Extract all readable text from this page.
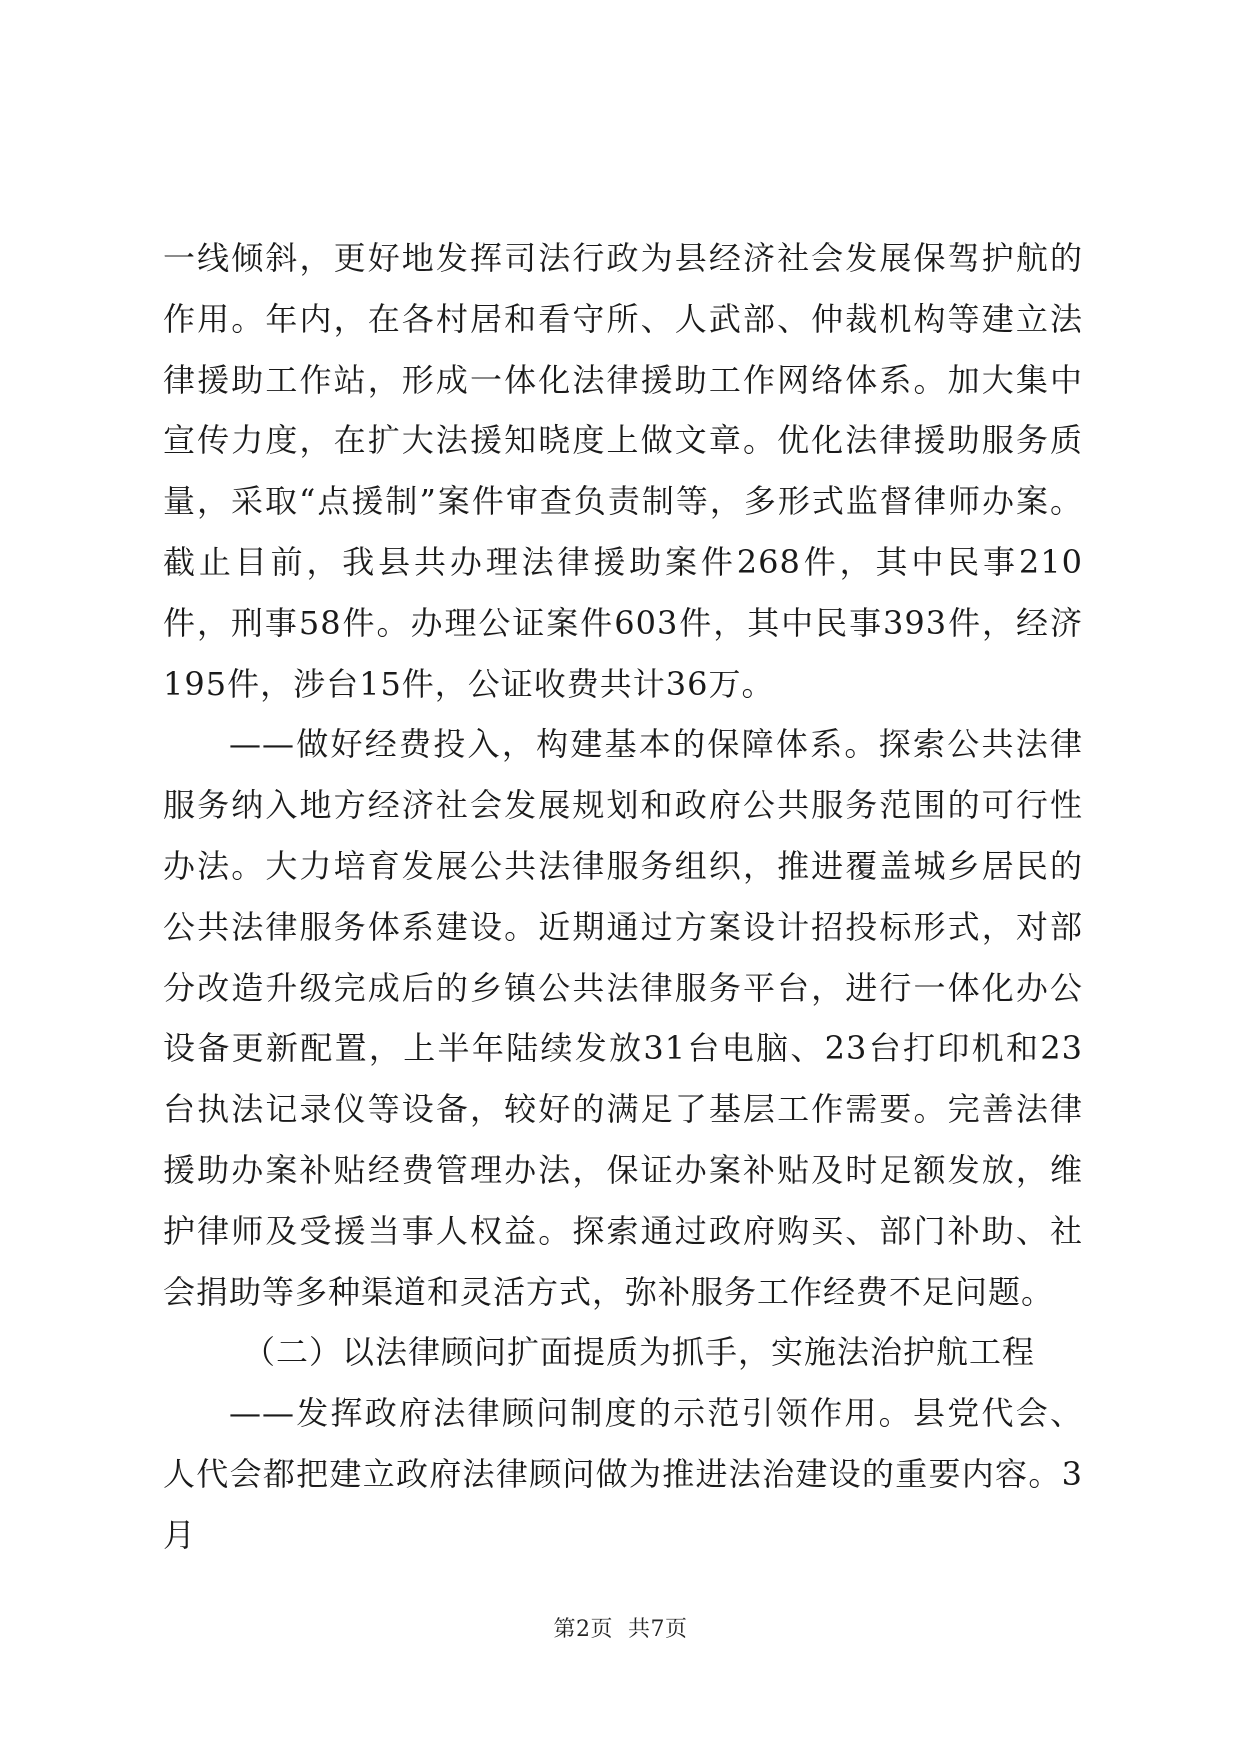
一线倾斜，更好地发挥司法行政为县经济社会发展保驾护航的作用。年内，在各村居和看守所、人武部、仲裁机构等建立法律援助工作站，形成一体化法律援助工作网络体系。加大集中宣传力度，在扩大法援知晓度上做文章。优化法律援助服务质量，采取“点援制”案件审查负责制等，多形式监督律师办案。截止目前，我县共办理法律援助案件268件，其中民事210件，刑事58件。办理公证案件603件，其中民事393件，经济195件，涉台15件，公证收费共计36万。

——做好经费投入，构建基本的保障体系。探索公共法律服务纳入地方经济社会发展规划和政府公共服务范围的可行性办法。大力培育发展公共法律服务组织，推进覆盖城乡居民的公共法律服务体系建设。近期通过方案设计招投标形式，对部分改造升级完成后的乡镇公共法律服务平台，进行一体化办公设备更新配置，上半年陆续发放31台电脑、23台打印机和23台执法记录仪等设备，较好的满足了基层工作需要。完善法律援助办案补贴经费管理办法，保证办案补贴及时足额发放，维护律师及受援当事人权益。探索通过政府购买、部门补助、社会捐助等多种渠道和灵活方式，弥补服务工作经费不足问题。

（二）以法律顾问扩面提质为抓手，实施法治护航工程

——发挥政府法律顾问制度的示范引领作用。县党代会、人代会都把建立政府法律顾问做为推进法治建设的重要内容。3月

第2页 共7页
